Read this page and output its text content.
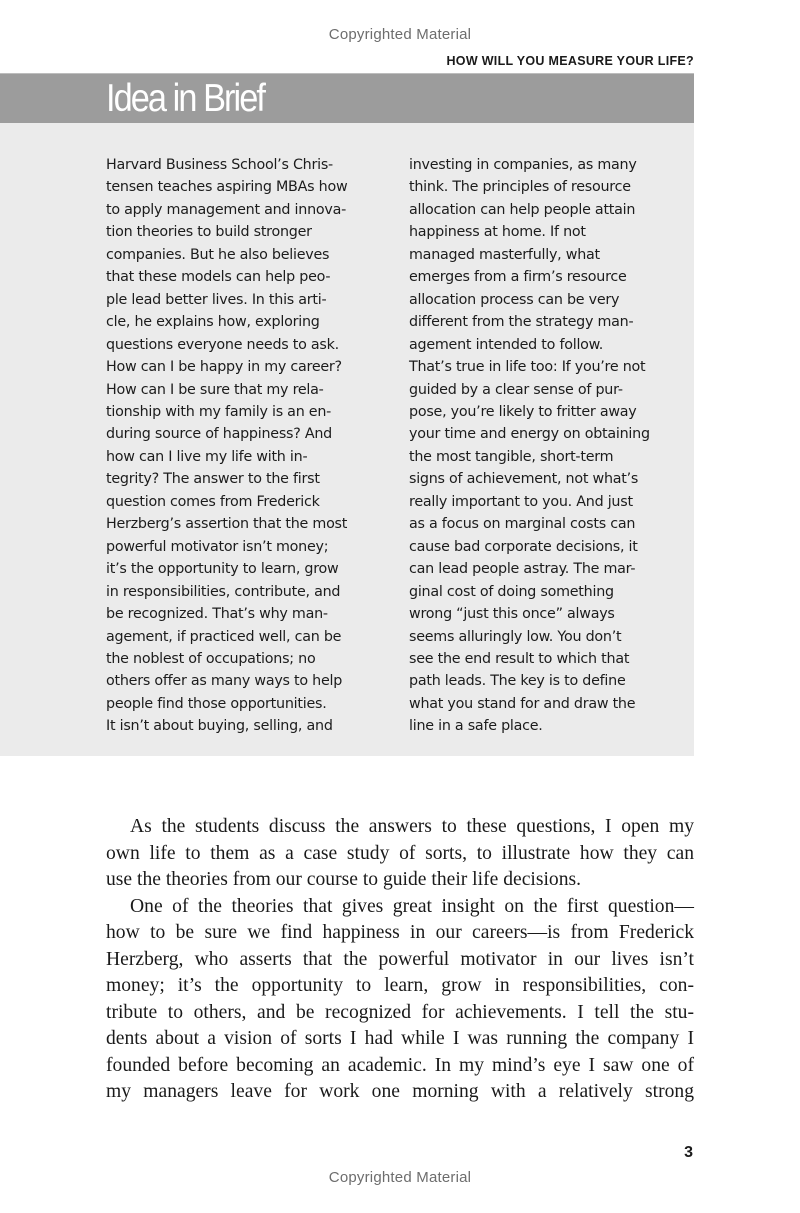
Copyrighted Material
HOW WILL YOU MEASURE YOUR LIFE?
Idea in Brief
Harvard Business School’s Chris-
tensen teaches aspiring MBAs how
to apply management and innova-
tion theories to build stronger
companies. But he also believes
that these models can help peo-
ple lead better lives. In this arti-
cle, he explains how, exploring
questions everyone needs to ask.
How can I be happy in my career?
How can I be sure that my rela-
tionship with my family is an en-
during source of happiness? And
how can I live my life with in-
tegrity? The answer to the first
question comes from Frederick
Herzberg’s assertion that the most
powerful motivator isn’t money;
it’s the opportunity to learn, grow
in responsibilities, contribute, and
be recognized. That’s why man-
agement, if practiced well, can be
the noblest of occupations; no
others offer as many ways to help
people find those opportunities.
It isn’t about buying, selling, and
investing in companies, as many
think. The principles of resource
allocation can help people attain
happiness at home. If not
managed masterfully, what
emerges from a firm’s resource
allocation process can be very
different from the strategy man-
agement intended to follow.
That’s true in life too: If you’re not
guided by a clear sense of pur-
pose, you’re likely to fritter away
your time and energy on obtaining
the most tangible, short-term
signs of achievement, not what’s
really important to you. And just
as a focus on marginal costs can
cause bad corporate decisions, it
can lead people astray. The mar-
ginal cost of doing something
wrong “just this once” always
seems alluringly low. You don’t
see the end result to which that
path leads. The key is to define
what you stand for and draw the
line in a safe place.
As the students discuss the answers to these questions, I open my
own life to them as a case study of sorts, to illustrate how they can
use the theories from our course to guide their life decisions.
One of the theories that gives great insight on the first question—
how to be sure we find happiness in our careers—is from Frederick
Herzberg, who asserts that the powerful motivator in our lives isn’t
money; it’s the opportunity to learn, grow in responsibilities, con-
tribute to others, and be recognized for achievements. I tell the stu-
dents about a vision of sorts I had while I was running the company I
founded before becoming an academic. In my mind’s eye I saw one of
my managers leave for work one morning with a relatively strong
3
Copyrighted Material
